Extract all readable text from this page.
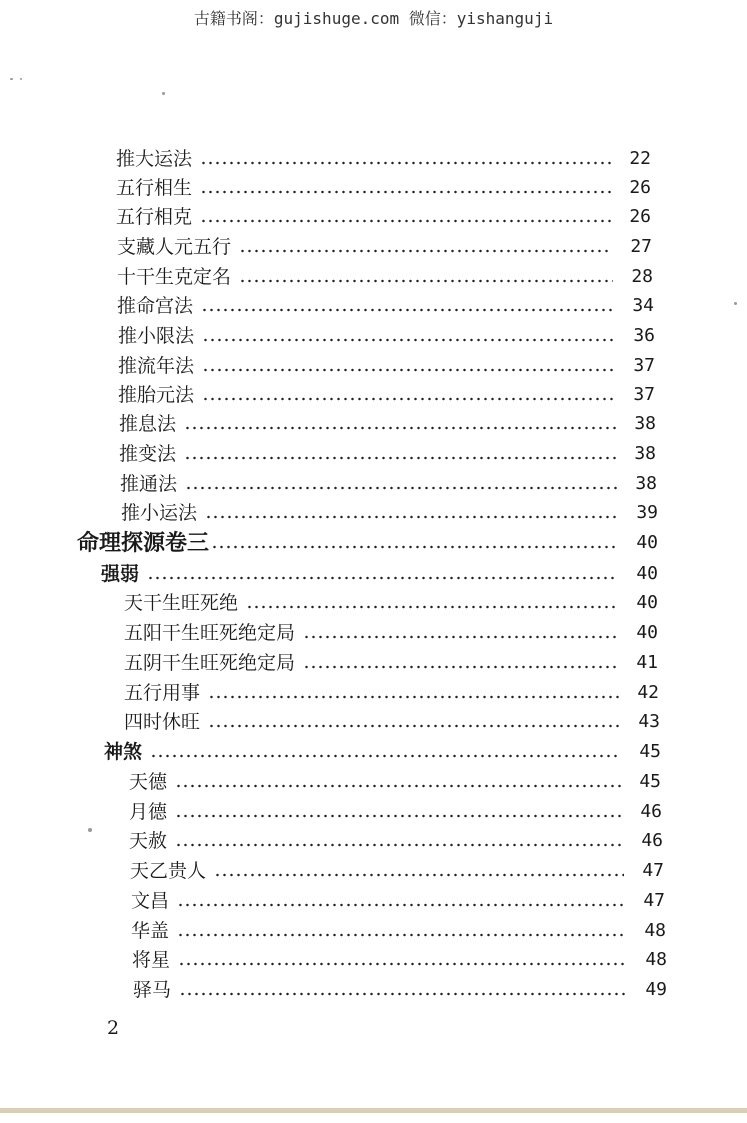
古籍书阁：gujishuge.com 微信：yishanguji
推大运法	22
五行相生	26
五行相克	26
支藏人元五行	27
十干生克定名	28
推命宫法	34
推小限法	36
推流年法	37
推胎元法	37
推息法	38
推变法	38
推通法	38
推小运法	39
命理探源卷三	40
强弱	40
天干生旺死绝	40
五阳干生旺死绝定局	40
五阴干生旺死绝定局	41
五行用事	42
四时休旺	43
神煞	45
天德	45
月德	46
天赦	46
天乙贵人	47
文昌	47
华盖	48
将星	48
驿马	49
2
